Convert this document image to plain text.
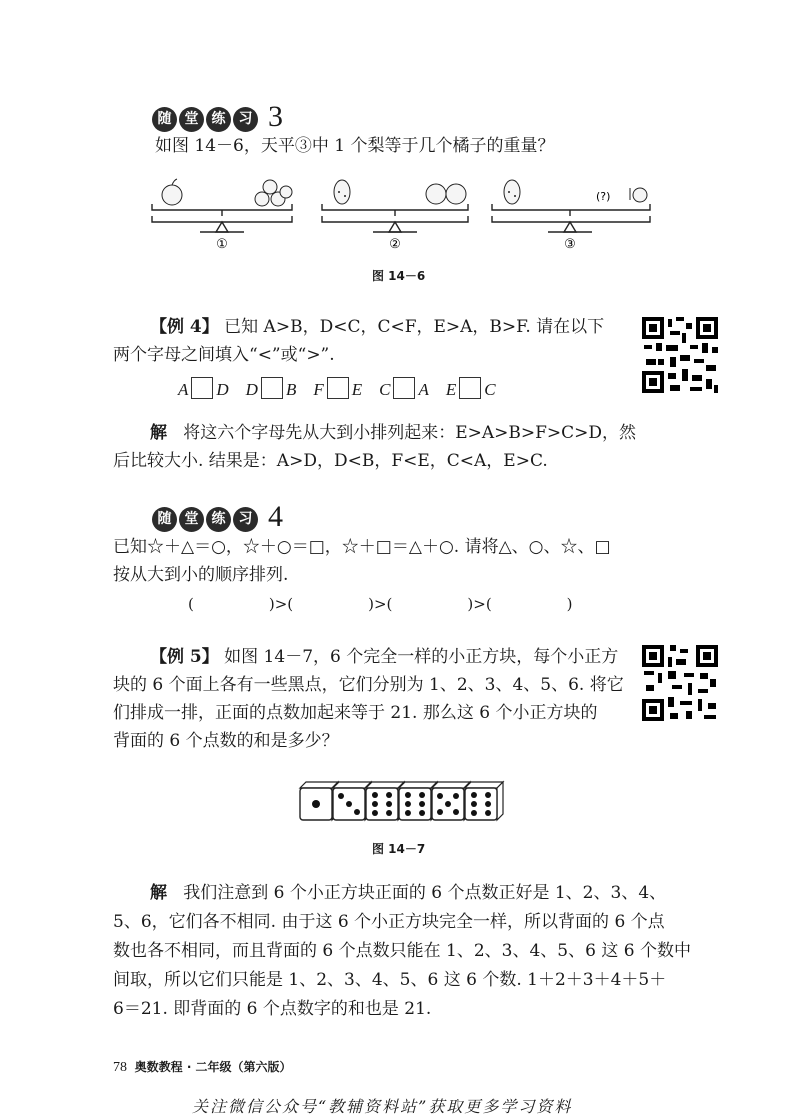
随 堂 练 习 3
如图 14－6，天平③中 1 个梨等于几个橘子的重量？
(?)
①	②	③
图 14－6
【例 4】 已知 A>B，D<C，C<F，E>A，B>F. 请在以下
两个字母之间填入“<”或“>”.
A D D B F E C A E C
解 将这六个字母先从大到小排列起来：E>A>B>F>C>D，然
后比较大小. 结果是：A>D，D<B，F<E，C<A，E>C.
随 堂 练 习 4
已知☆＋△＝○，☆＋○＝□，☆＋□＝△＋○. 请将△、○、☆、□
按从大到小的顺序排列.
(　　　　　)>(　　　　　)>(　　　　　)>(　　　　　)
【例 5】 如图 14－7，6 个完全一样的小正方块，每个小正方
块的 6 个面上各有一些黑点，它们分别为 1、2、3、4、5、6. 将它
们排成一排，正面的点数加起来等于 21. 那么这 6 个小正方块的
背面的 6 个点数的和是多少？
图 14－7
解 我们注意到 6 个小正方块正面的 6 个点数正好是 1、2、3、4、
5、6，它们各不相同. 由于这 6 个小正方块完全一样，所以背面的 6 个点
数也各不相同，而且背面的 6 个点数只能在 1、2、3、4、5、6 这 6 个数中
间取，所以它们只能是 1、2、3、4、5、6 这 6 个数. 1＋2＋3＋4＋5＋
6＝21. 即背面的 6 个点数字的和也是 21.
78 奥数教程 · 二年级（第六版）
关注微信公众号“教辅资料站”获取更多学习资料
